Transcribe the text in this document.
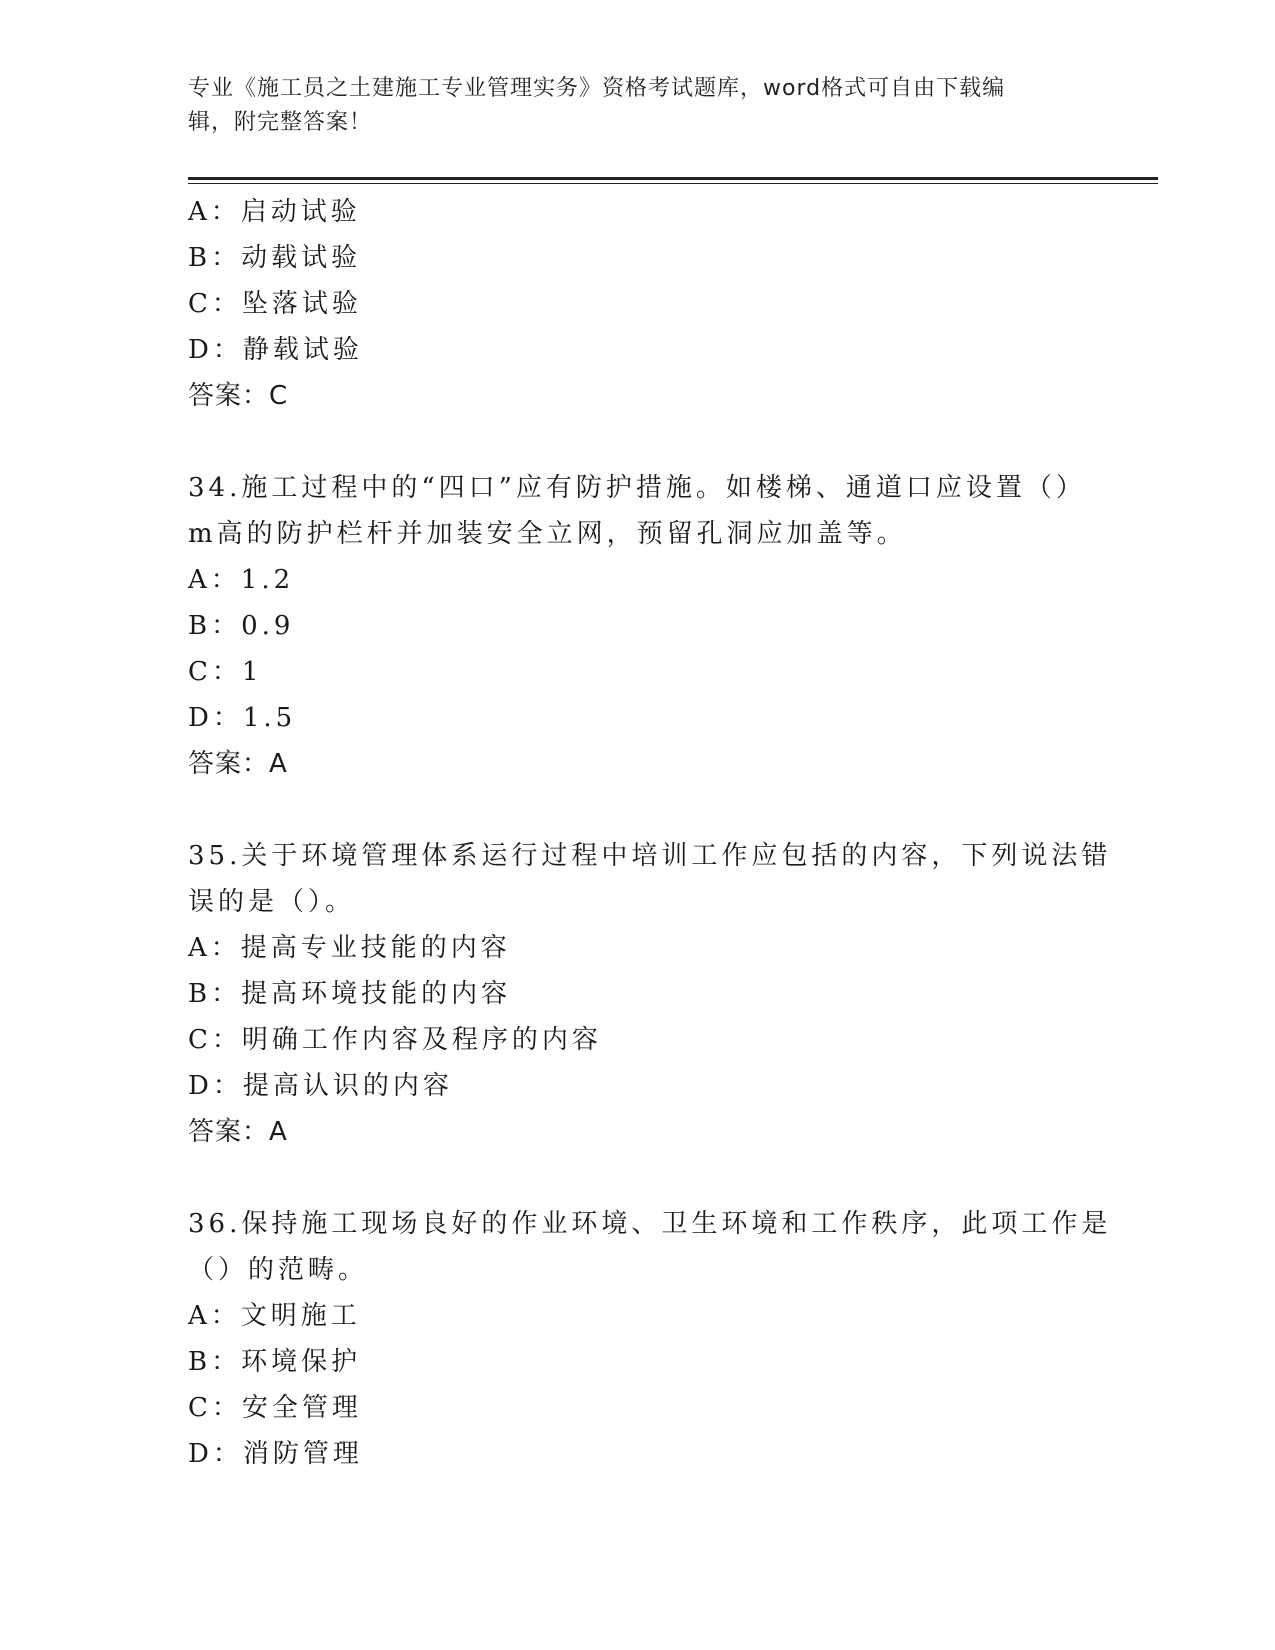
专业《施工员之土建施工专业管理实务》资格考试题库，word格式可自由下载编
辑，附完整答案！
A：启动试验
B：动载试验
C：坠落试验
D：静载试验
答案：C
34.施工过程中的“四口”应有防护措施。如楼梯、通道口应设置（）
m高的防护栏杆并加装安全立网，预留孔洞应加盖等。
A：1.2
B：0.9
C：1
D：1.5
答案：A
35.关于环境管理体系运行过程中培训工作应包括的内容，下列说法错
误的是（）。
A：提高专业技能的内容
B：提高环境技能的内容
C：明确工作内容及程序的内容
D：提高认识的内容
答案：A
36.保持施工现场良好的作业环境、卫生环境和工作秩序，此项工作是
（）的范畴。
A：文明施工
B：环境保护
C：安全管理
D：消防管理
